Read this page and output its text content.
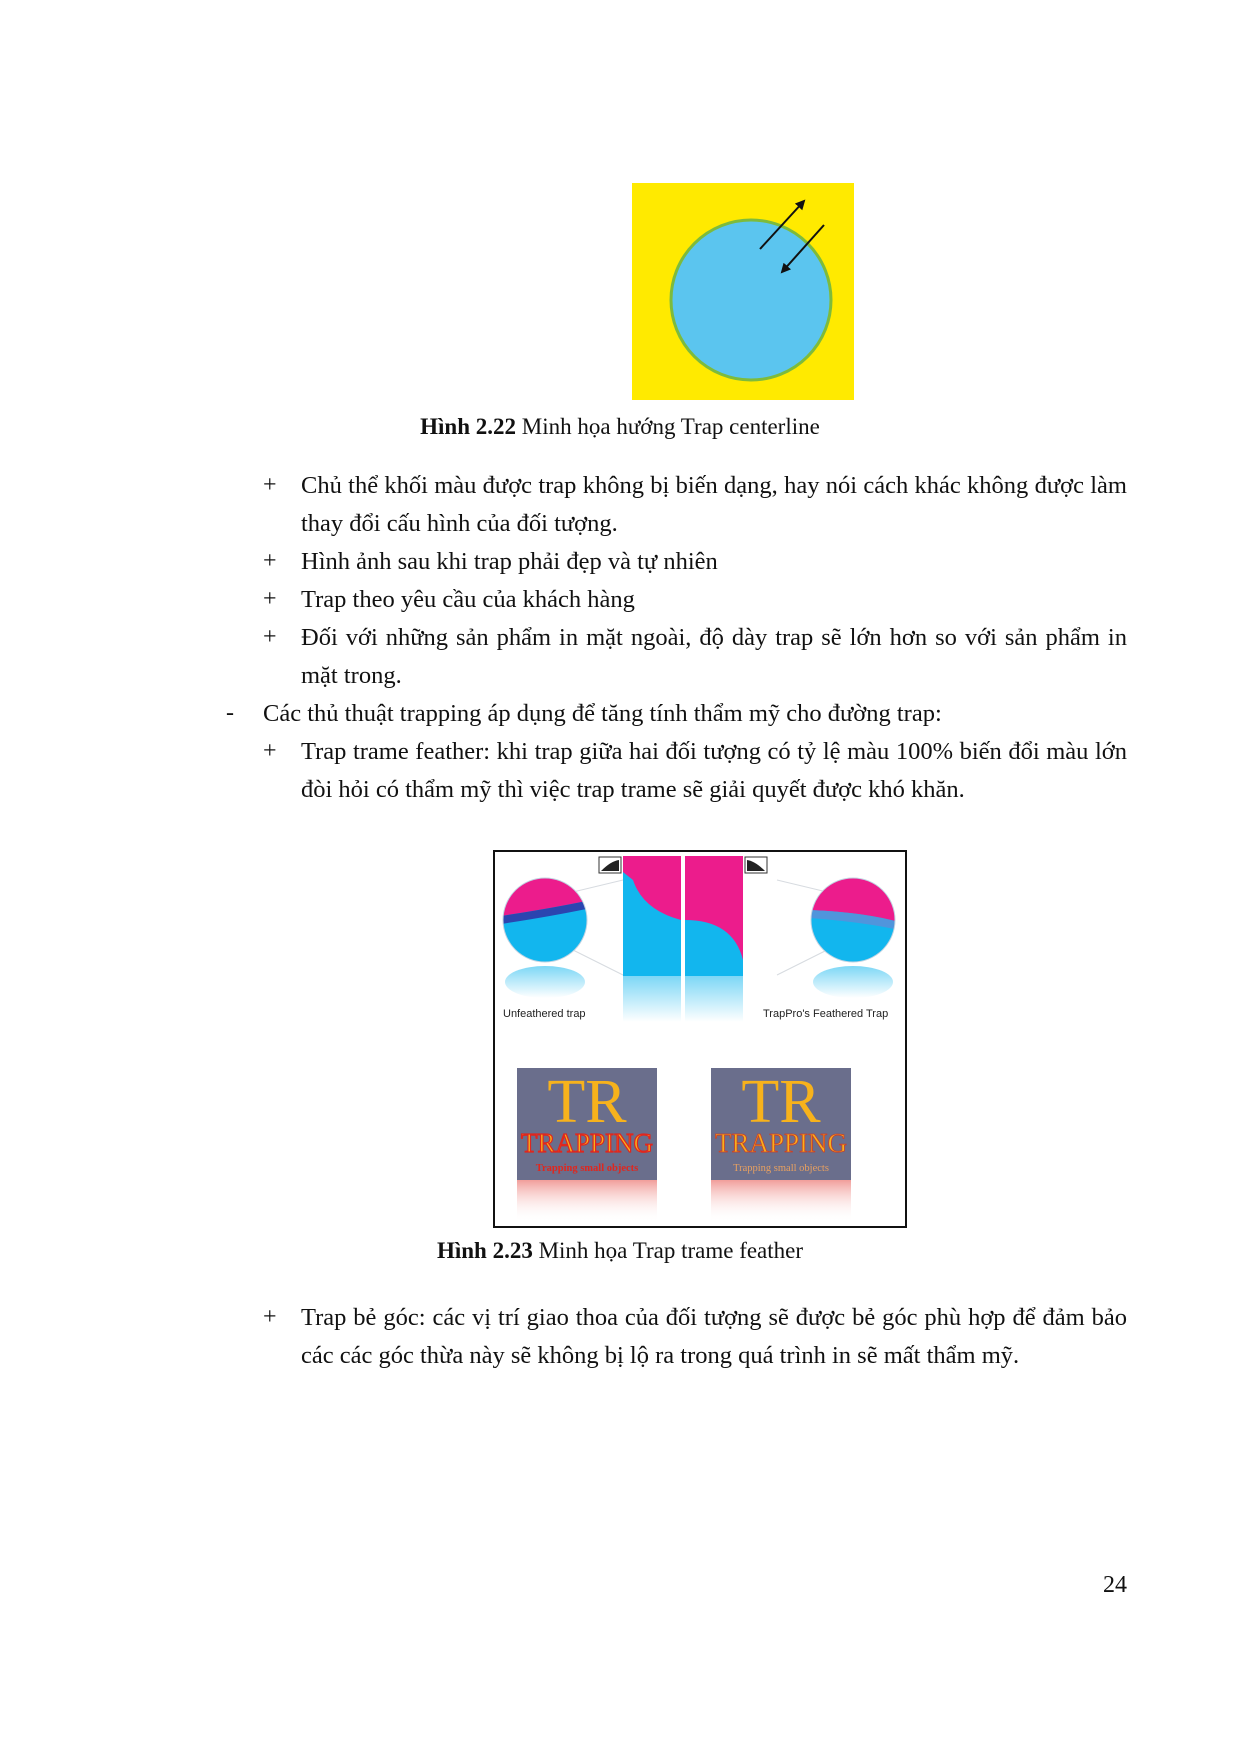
Hình 2.22 Minh họa hướng Trap centerline
+ Chủ thể khối màu được trap không bị biến dạng, hay nói cách khác không được làm thay đổi cấu hình của đối tượng.
+ Hình ảnh sau khi trap phải đẹp và tự nhiên
+ Trap theo yêu cầu của khách hàng
+ Đối với những sản phẩm in mặt ngoài, độ dày trap sẽ lớn hơn so với sản phẩm in mặt trong.
- Các thủ thuật trapping áp dụng để tăng tính thẩm mỹ cho đường trap:
+ Trap trame feather: khi trap giữa hai đối tượng có tỷ lệ màu 100% biến đổi màu lớn đòi hỏi có thẩm mỹ thì việc trap trame sẽ giải quyết được khó khăn.
Unfeathered trap	TrapPro's Feathered Trap
TR
TRAPPING
Trapping small objects
TR
TRAPPING
Trapping small objects
Hình 2.23 Minh họa Trap trame feather
+ Trap bẻ góc: các vị trí giao thoa của đối tượng sẽ được bẻ góc phù hợp để đảm bảo các các góc thừa này sẽ không bị lộ ra trong quá trình in sẽ mất thẩm mỹ.
24
